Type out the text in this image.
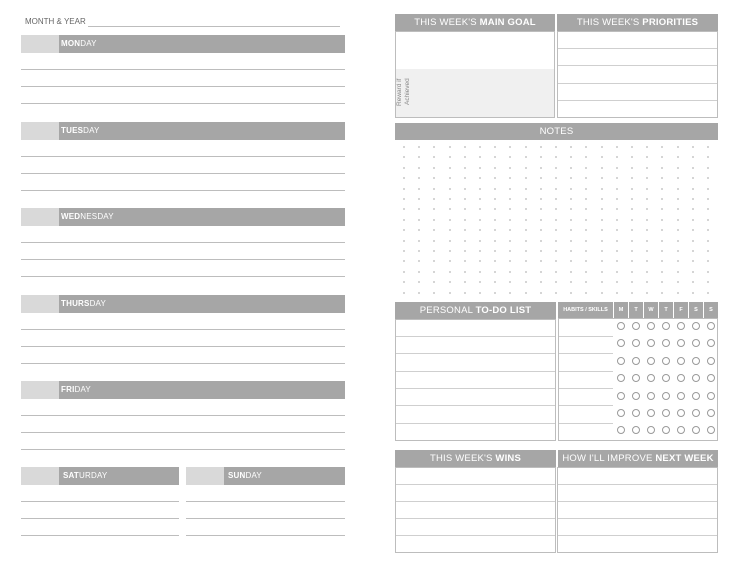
MONTH & YEAR
MONDAY
TUESDAY
WEDNESDAY
THURSDAY
FRIDAY
SATURDAY	SUNDAY
THIS WEEK'S MAIN GOAL
Reward if Achieved
THIS WEEK'S PRIORITIES
NOTES
PERSONAL TO-DO LIST	HABITS / SKILLS	M	T	W	T	F	S	S
THIS WEEK'S WINS	HOW I'LL IMPROVE NEXT WEEK
